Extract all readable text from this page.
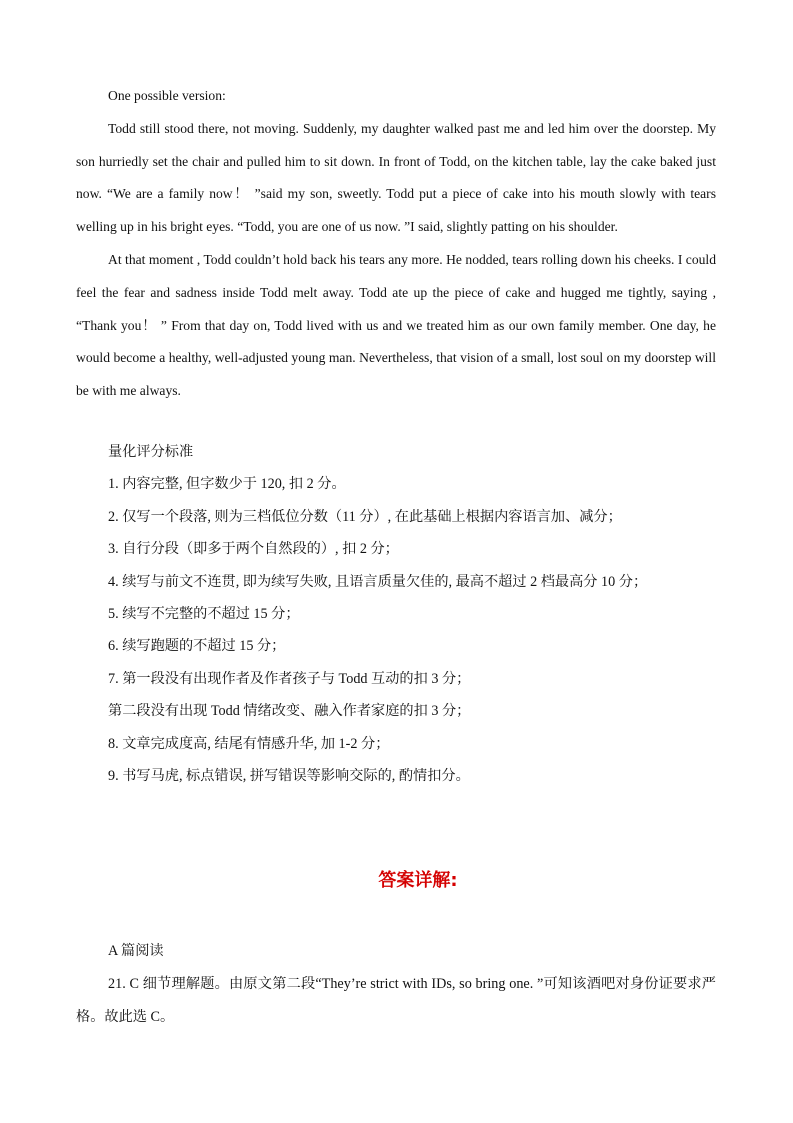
One possible version:

Todd still stood there, not moving. Suddenly, my daughter walked past me and led him over the doorstep. My son hurriedly set the chair and pulled him to sit down. In front of Todd, on the kitchen table, lay the cake baked just now. “We are a family now！ ”said my son, sweetly. Todd put a piece of cake into his mouth slowly with tears welling up in his bright eyes. “Todd, you are one of us now. ”I said, slightly patting on his shoulder.

At that moment , Todd couldn’t hold back his tears any more. He nodded, tears rolling down his cheeks. I could feel the fear and sadness inside Todd melt away. Todd ate up the piece of cake and hugged me tightly, saying , “Thank you！ ” From that day on, Todd lived with us and we treated him as our own family member. One day, he would become a healthy, well-adjusted young man. Nevertheless, that vision of a small, lost soul on my doorstep will be with me always.

量化评分标准
1. 内容完整, 但字数少于 120, 扣 2 分。
2. 仅写一个段落, 则为三档低位分数（11 分）, 在此基础上根据内容语言加、减分；
3. 自行分段（即多于两个自然段的）, 扣 2 分；
4. 续写与前文不连贯, 即为续写失败, 且语言质量欠佳的, 最高不超过 2 档最高分 10 分；
5. 续写不完整的不超过 15 分；
6. 续写跑题的不超过 15 分；
7. 第一段没有出现作者及作者孩子与 Todd 互动的扣 3 分；
第二段没有出现 Todd 情绪改变、融入作者家庭的扣 3 分；
8. 文章完成度高, 结尾有情感升华, 加 1-2 分；
9. 书写马虎, 标点错误, 拼写错误等影响交际的, 酌情扣分。
答案详解:
A 篇阅读

21. C 细节理解题。由原文第二段“They’re strict with IDs, so bring one. ”可知该酒吧对身份证要求严格。故此选 C。
